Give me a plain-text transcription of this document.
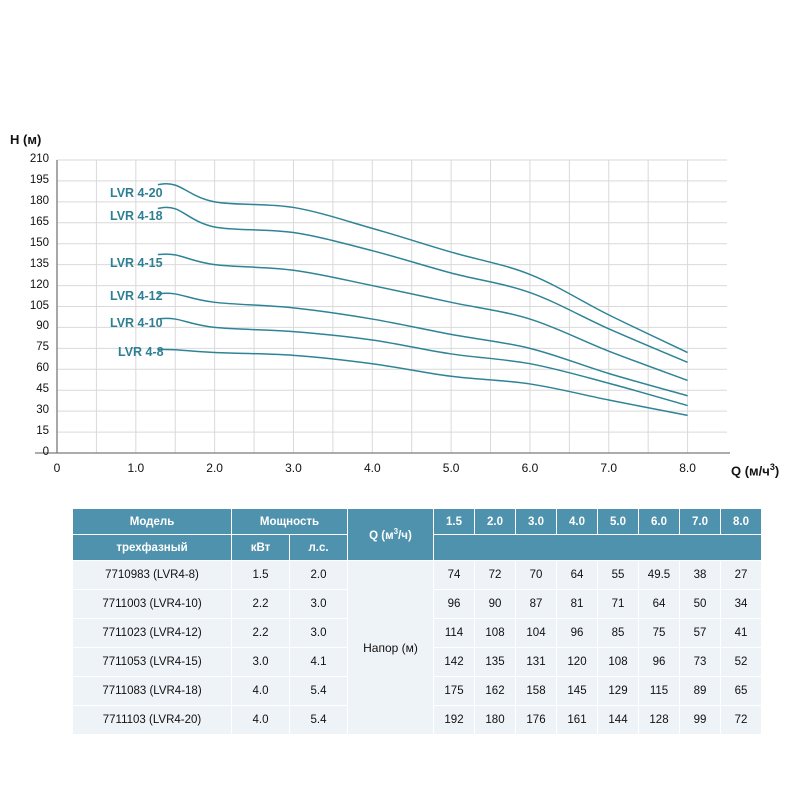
H (м)
Q $(м/ч^3)$
0
15
30
45
60
75
90
105
120
135
150
165
180
195
210
0	1.0	2.0	3.0	4.0	5.0	6.0	7.0	8.0
LVR 4-20
LVR 4-18
LVR 4-15
LVR 4-12
LVR 4-10
LVR 4-8
Модель	Мощность		Q $(м^3/ч)$	1.5	2.0	3.0	4.0	5.0	6.0	7.0	8.0
трехфазный	кВт	л.с.									
7710983 (LVR4-8)	1.5	2.0	Напор (м)	74	72	70	64	55	49.5	38	27
7711003 (LVR4-10)	2.2	3.0		96	90	87	81	71	64	50	34
7711023 (LVR4-12)	2.2	3.0		114	108	104	96	85	75	57	41
7711053 (LVR4-15)	3.0	4.1		142	135	131	120	108	96	73	52
7711083 (LVR4-18)	4.0	5.4		175	162	158	145	129	115	89	65
7711103 (LVR4-20)	4.0	5.4		192	180	176	161	144	128	99	72
